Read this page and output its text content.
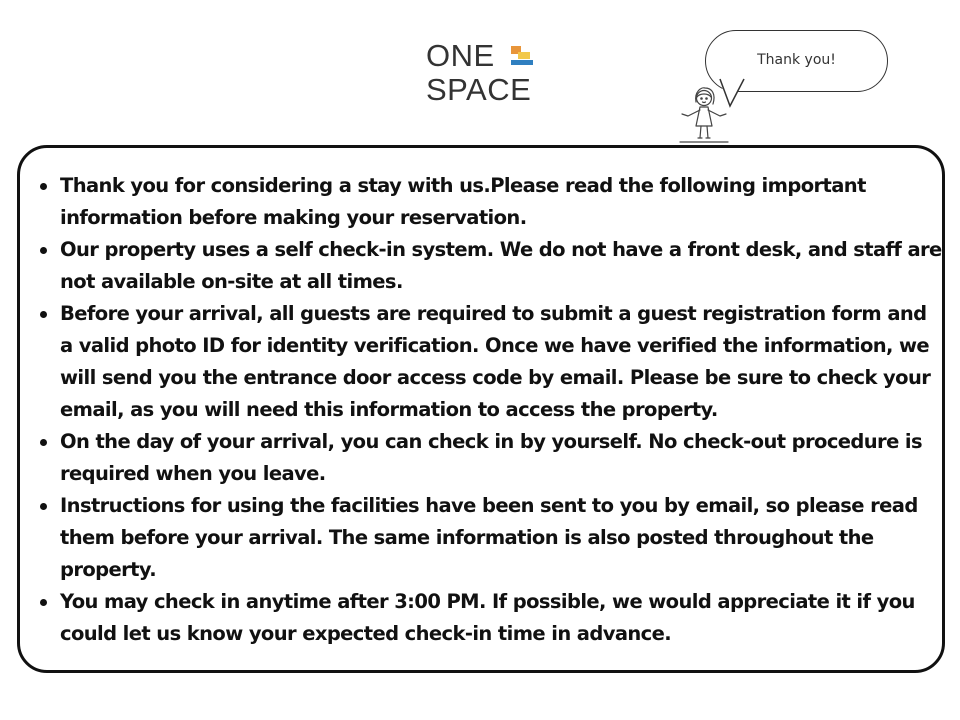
ONE
SPACE
Thank you!
Thank you for considering a stay with us.Please read the following important information before making your reservation.
Our property uses a self check-in system. We do not have a front desk, and staff are not available on-site at all times.
Before your arrival, all guests are required to submit a guest registration form and a valid photo ID for identity verification. Once we have verified the information, we will send you the entrance door access code by email. Please be sure to check your email, as you will need this information to access the property.
On the day of your arrival, you can check in by yourself. No check-out procedure is required when you leave.
Instructions for using the facilities have been sent to you by email, so please read them before your arrival. The same information is also posted throughout the property.
You may check in anytime after 3:00 PM. If possible, we would appreciate it if you could let us know your expected check-in time in advance.
